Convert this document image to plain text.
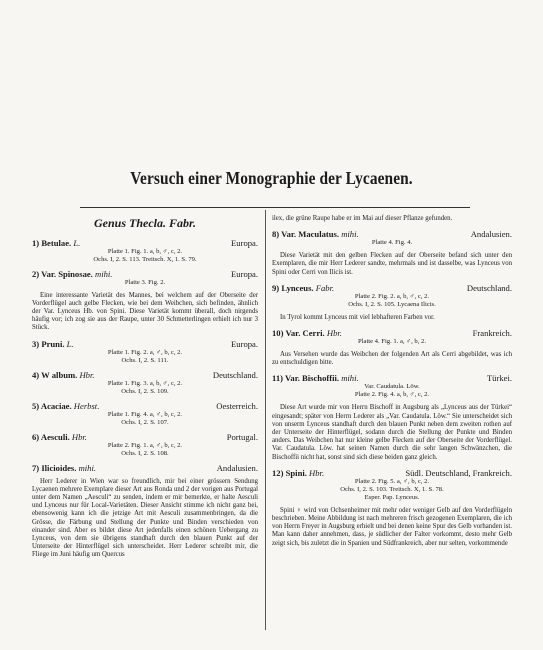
Versuch einer Monographie der Lycaenen.
Genus Thecla. Fabr.
1) Betulae. L.	Europa.
Platte 1. Fig. 1. a, b, ♂, c, 2.
Ochs. I, 2. S. 113. Treitsch. X, 1. S. 79.
2) Var. Spinosae. mihi.	Europa.
Platte 3. Fig. 2.
Eine interessante Varietät des Mannes, bei welchem auf der Oberseite der Vorderflügel auch gelbe Flecken, wie bei dem Weibchen, sich befinden, ähnlich der Var. Lynceus Hb. von Spini. Diese Varietät kommt überall, doch nirgends häufig vor; ich zog sie aus der Raupe, unter 30 Schmetterlingen erhielt ich nur 3 Stück.
3) Pruni. L.	Europa.
Platte 1. Fig. 2. a, ♂, b, c, 2.
Ochs. I, 2. S. 111.
4) W album. Hbr.	Deutschland.
Platte 1. Fig. 3. a, b, ♂, c, 2.
Ochs. I, 2. S. 109.
5) Acaciae. Herbst.	Oesterreich.
Platte 1. Fig. 4. a, ♂, b, c, 2.
Ochs. I, 2. S. 107.
6) Aesculi. Hbr.	Portugal.
Platte 2. Fig. 1. a, ♂, b, c, 2.
Ochs. I, 2. S. 108.
7) Ilicioides. mihi.	Andalusien.
Herr Lederer in Wien war so freundlich, mir bei einer grössern Sendung Lycaenen mehrere Exemplare dieser Art aus Ronda und 2 der vorigen aus Portugal unter dem Namen „Aesculi“ zu senden, indem er mir bemerkte, er halte Aesculi und Lynceus nur für Local-Varietäten. Dieser Ansicht stimme ich nicht ganz bei, ebensowenig kann ich die jetzige Art mit Aesculi zusammenbringen, da die Grösse, die Färbung und Stellung der Punkte und Binden verschieden von einander sind. Aber es bildet diese Art jedenfalls einen schönen Uebergang zu Lynceus, von dem sie übrigens standhaft durch den blauen Punkt auf der Unterseite der Hinterflügel sich unterscheidet. Herr Lederer schreibt mir, die Fliege im Juni häufig um Quercus
ilex, die grüne Raupe habe er im Mai auf dieser Pflanze gefunden.
8) Var. Maculatus. mihi.	Andalusien.
Platte 4. Fig. 4.
Diese Varietät mit den gelben Flecken auf der Oberseite befand sich unter den Exemplaren, die mir Herr Lederer sandte, mehrmals und ist dasselbe, was Lynceus von Spini oder Cerri von Ilicis ist.
9) Lynceus. Fabr.	Deutschland.
Platte 2. Fig. 2. a, b, ♂, c, 2.
Ochs. I, 2. S. 105. Lycaena Ilicis.
In Tyrol kommt Lynceus mit viel lebhafteren Farben vor.
10) Var. Cerri. Hbr.	Frankreich.
Platte 4. Fig. 1. a, ♂, b, 2.
Aus Versehen wurde das Weibchen der folgenden Art als Cerri abgebildet, was ich zu entschuldigen bitte.
11) Var. Bischoffii. mihi.	Türkei.
Var. Caudatula. Löw.
Platte 2. Fig. 4. a, b, ♂, c, 2.
Diese Art wurde mir von Herrn Bischoff in Augsburg als „Lynceus aus der Türkei“ eingesandt; später von Herrn Lederer als „Var. Caudatula. Löw.“ Sie unterscheidet sich von unserm Lynceus standhaft durch den blauen Punkt neben dem zweiten rothen auf der Unterseite der Hinterflügel, sodann durch die Stellung der Punkte und Binden anders. Das Weibchen hat nur kleine gelbe Flecken auf der Oberseite der Vorderflügel. Var. Caudatula. Löw. hat seinen Namen durch die sehr langen Schwänzchen, die Bischoffii nicht hat, sonst sind sich diese beiden ganz gleich.
12) Spini. Hbr.	Südl. Deutschland, Frankreich.
Platte 2. Fig. 5. a, ♂, b, c, 2.
Ochs. I, 2. S. 103. Treitsch. X, 1. S. 78.
Esper. Pap. Lynceus.
Spini ♀ wird von Ochsenheimer mit mehr oder weniger Gelb auf den Vorderflügeln beschrieben. Meine Abbildung ist nach mehreren frisch gezogenen Exemplaren, die ich von Herrn Freyer in Augsburg erhielt und bei denen keine Spur des Gelb vorhanden ist. Man kann daher annehmen, dass, je südlicher der Falter vorkommt, desto mehr Gelb zeigt sich, bis zuletzt die in Spanien und Südfrankreich, aber nur selten, vorkommende
